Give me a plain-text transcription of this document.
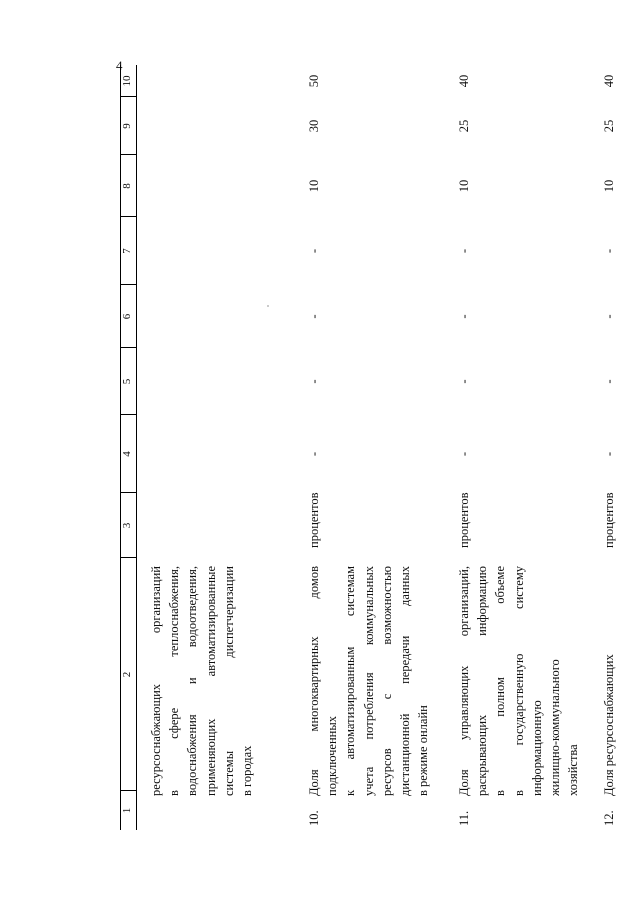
4
1
2
3
4
5
6
7
8
9
10
ресурсоснабжающих организаций в сфере теплоснабжения, водоснабжения и водоотведения, применяющих автоматизированные системы диспетчеризации в городах
10.
Доля многоквартирных домов подключенных к автоматизированным системам учета потребления коммунальных ресурсов с возможностью дистанционной передачи данных в режиме онлайн
процентов
-
-
-
-
10
30
50
11.
Доля управляющих организаций, раскрывающих информацию в полном объеме в государственную систему информационную жилищно-коммунального хозяйства
процентов
-
-
-
-
10
25
40
12.
Доля ресурсоснабжающих
процентов
-
-
-
-
10
25
40
